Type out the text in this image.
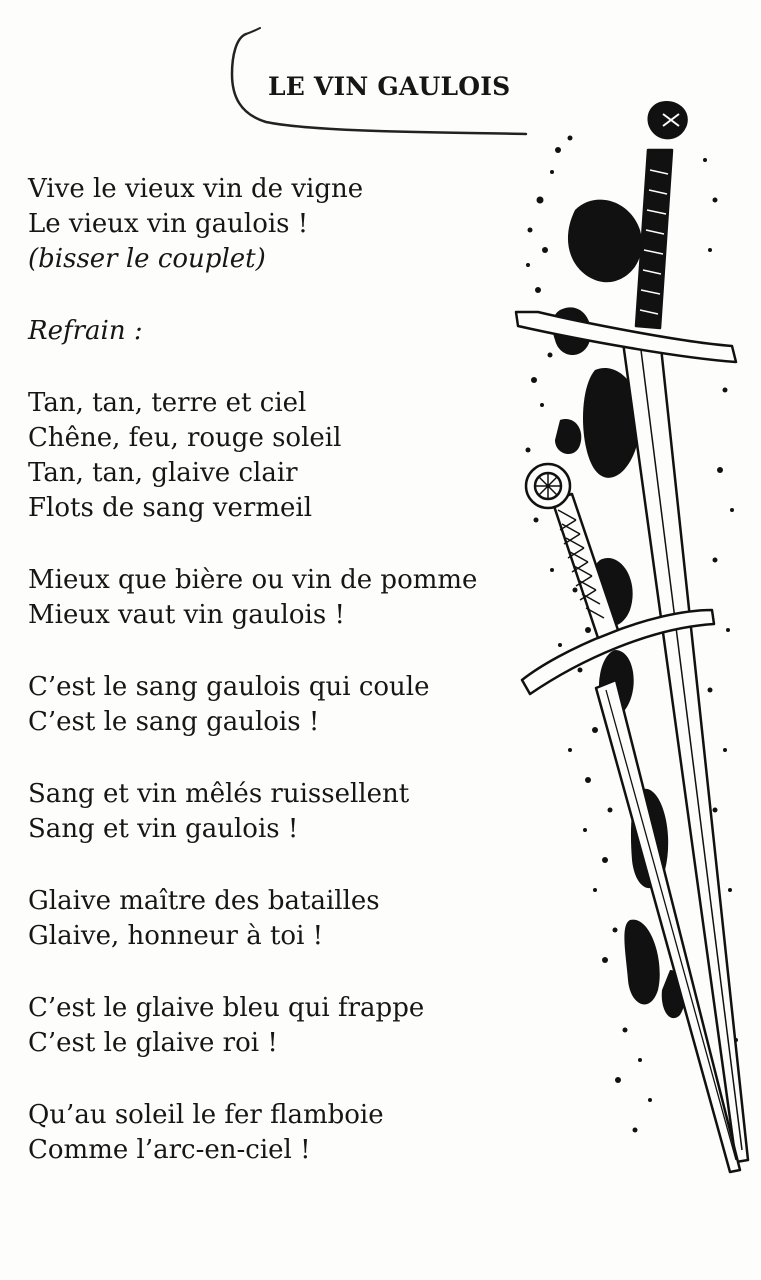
LE VIN GAULOIS
Vive le vieux vin de vigne
Le vieux vin gaulois !
(bisser le couplet)
Refrain :
Tan, tan, terre et ciel
Chêne, feu, rouge soleil
Tan, tan, glaive clair
Flots de sang vermeil
Mieux que bière ou vin de pomme
Mieux vaut vin gaulois !
C’est le sang gaulois qui coule
C’est le sang gaulois !
Sang et vin mêlés ruissellent
Sang et vin gaulois !
Glaive maître des batailles
Glaive, honneur à toi !
C’est le glaive bleu qui frappe
C’est le glaive roi !
Qu’au soleil le fer flamboie
Comme l’arc-en-ciel !
